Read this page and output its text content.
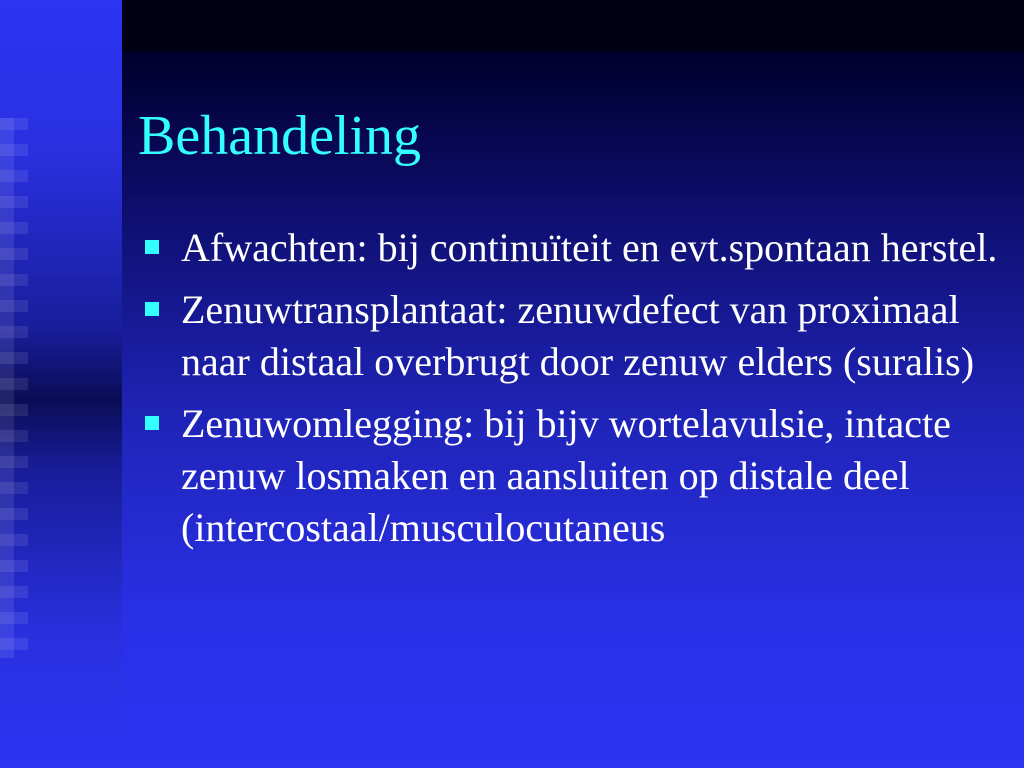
Behandeling
Afwachten: bij continuïteit en evt.spontaan herstel.
Zenuwtransplantaat: zenuwdefect van proximaal naar distaal overbrugt door zenuw elders (suralis)
Zenuwomlegging: bij bijv wortelavulsie, intacte zenuw losmaken en aansluiten op distale deel (intercostaal/musculocutaneus
